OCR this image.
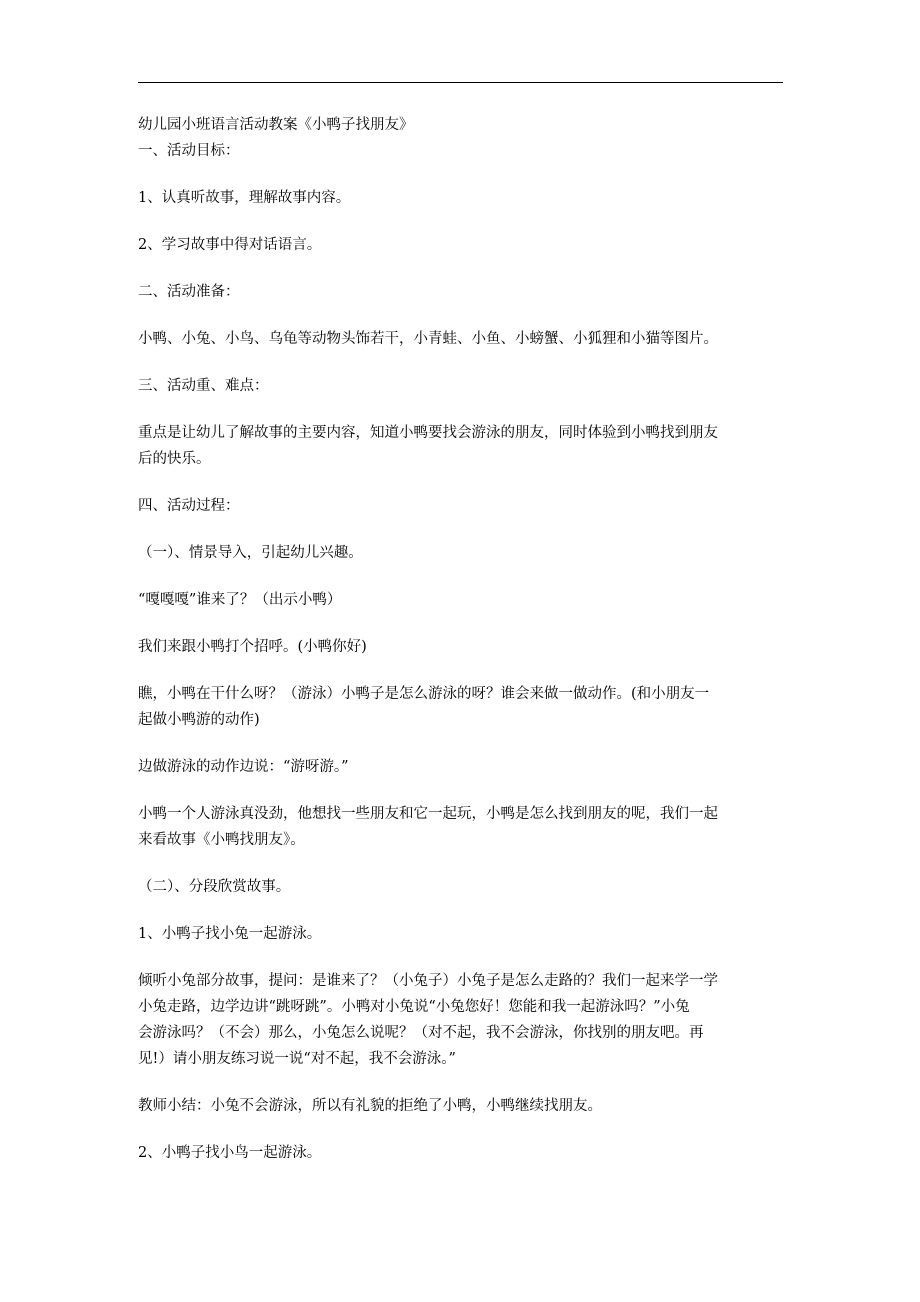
幼儿园小班语言活动教案《小鸭子找朋友》

一、活动目标：

1、认真听故事，理解故事内容。

2、学习故事中得对话语言。

二、活动准备：

小鸭、小兔、小鸟、乌龟等动物头饰若干，小青蛙、小鱼、小螃蟹、小狐狸和小猫等图片。

三、活动重、难点：

重点是让幼儿了解故事的主要内容，知道小鸭要找会游泳的朋友，同时体验到小鸭找到朋友

后的快乐。

四、活动过程：

（一）、情景导入，引起幼儿兴趣。

“嘎嘎嘎”谁来了？（出示小鸭）

我们来跟小鸭打个招呼。(小鸭你好)

瞧，小鸭在干什么呀？（游泳）小鸭子是怎么游泳的呀？谁会来做一做动作。(和小朋友一

起做小鸭游的动作)

边做游泳的动作边说：“游呀游。”

小鸭一个人游泳真没劲，他想找一些朋友和它一起玩，小鸭是怎么找到朋友的呢，我们一起

来看故事《小鸭找朋友》。

（二）、分段欣赏故事。

1、小鸭子找小兔一起游泳。

倾听小兔部分故事，提问：是谁来了？（小兔子）小兔子是怎么走路的？我们一起来学一学

小兔走路，边学边讲“跳呀跳”。小鸭对小兔说“小兔您好！您能和我一起游泳吗？”小兔

会游泳吗？（不会）那么，小兔怎么说呢？（对不起，我不会游泳，你找别的朋友吧。再

见!）请小朋友练习说一说“对不起，我不会游泳。”

教师小结：小兔不会游泳，所以有礼貌的拒绝了小鸭，小鸭继续找朋友。

2、小鸭子找小鸟一起游泳。
